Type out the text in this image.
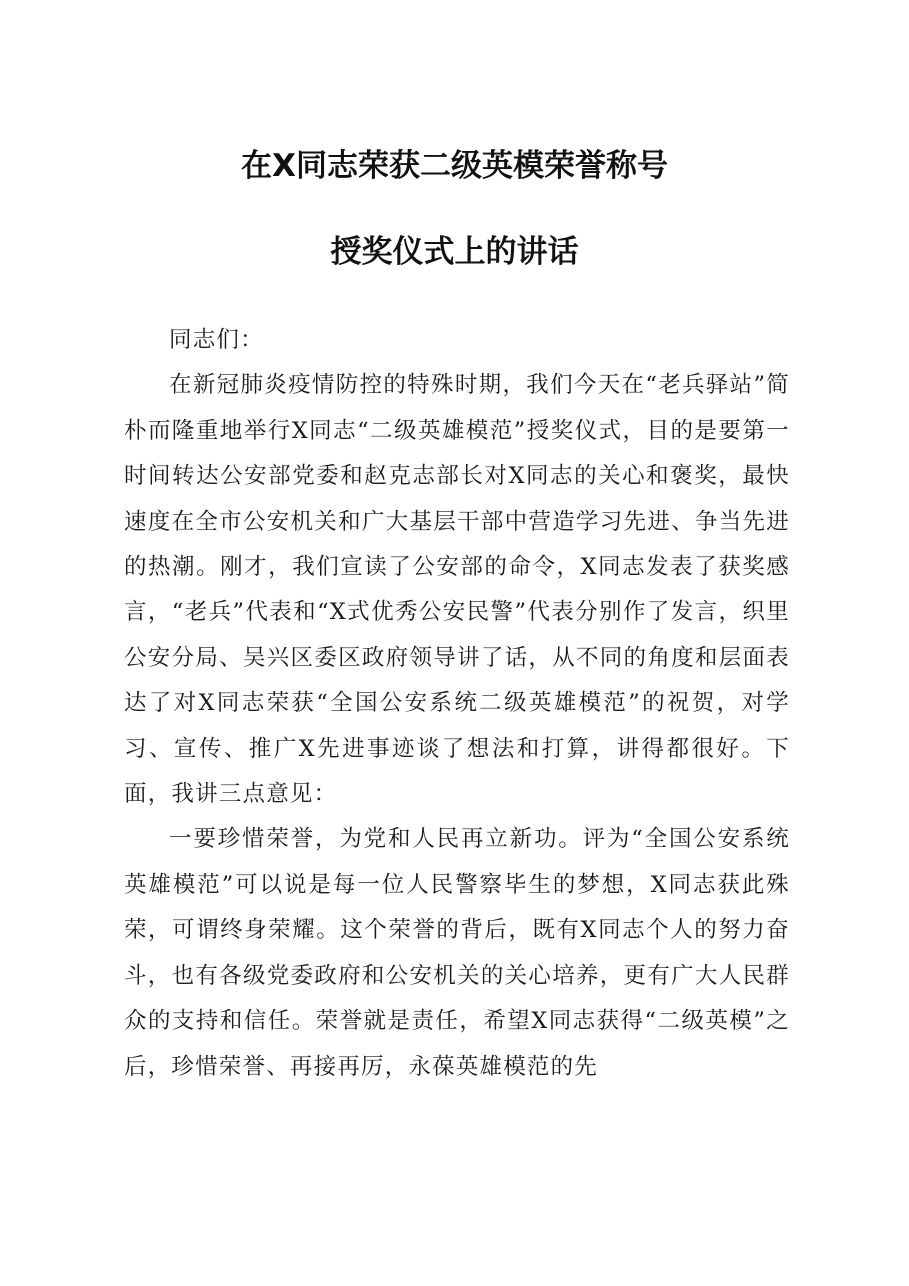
在X同志荣获二级英模荣誉称号
授奖仪式上的讲话

同志们：

在新冠肺炎疫情防控的特殊时期，我们今天在“老兵驿站”简朴而隆重地举行X同志“二级英雄模范”授奖仪式，目的是要第一时间转达公安部党委和赵克志部长对X同志的关心和褒奖，最快速度在全市公安机关和广大基层干部中营造学习先进、争当先进的热潮。刚才，我们宣读了公安部的命令，X同志发表了获奖感言，“老兵”代表和“X式优秀公安民警”代表分别作了发言，织里公安分局、吴兴区委区政府领导讲了话，从不同的角度和层面表达了对X同志荣获“全国公安系统二级英雄模范”的祝贺，对学习、宣传、推广X先进事迹谈了想法和打算，讲得都很好。下面，我讲三点意见：

一要珍惜荣誉，为党和人民再立新功。评为“全国公安系统英雄模范”可以说是每一位人民警察毕生的梦想，X同志获此殊荣，可谓终身荣耀。这个荣誉的背后，既有X同志个人的努力奋斗，也有各级党委政府和公安机关的关心培养，更有广大人民群众的支持和信任。荣誉就是责任，希望X同志获得“二级英模”之后，珍惜荣誉、再接再厉，永葆英雄模范的先
